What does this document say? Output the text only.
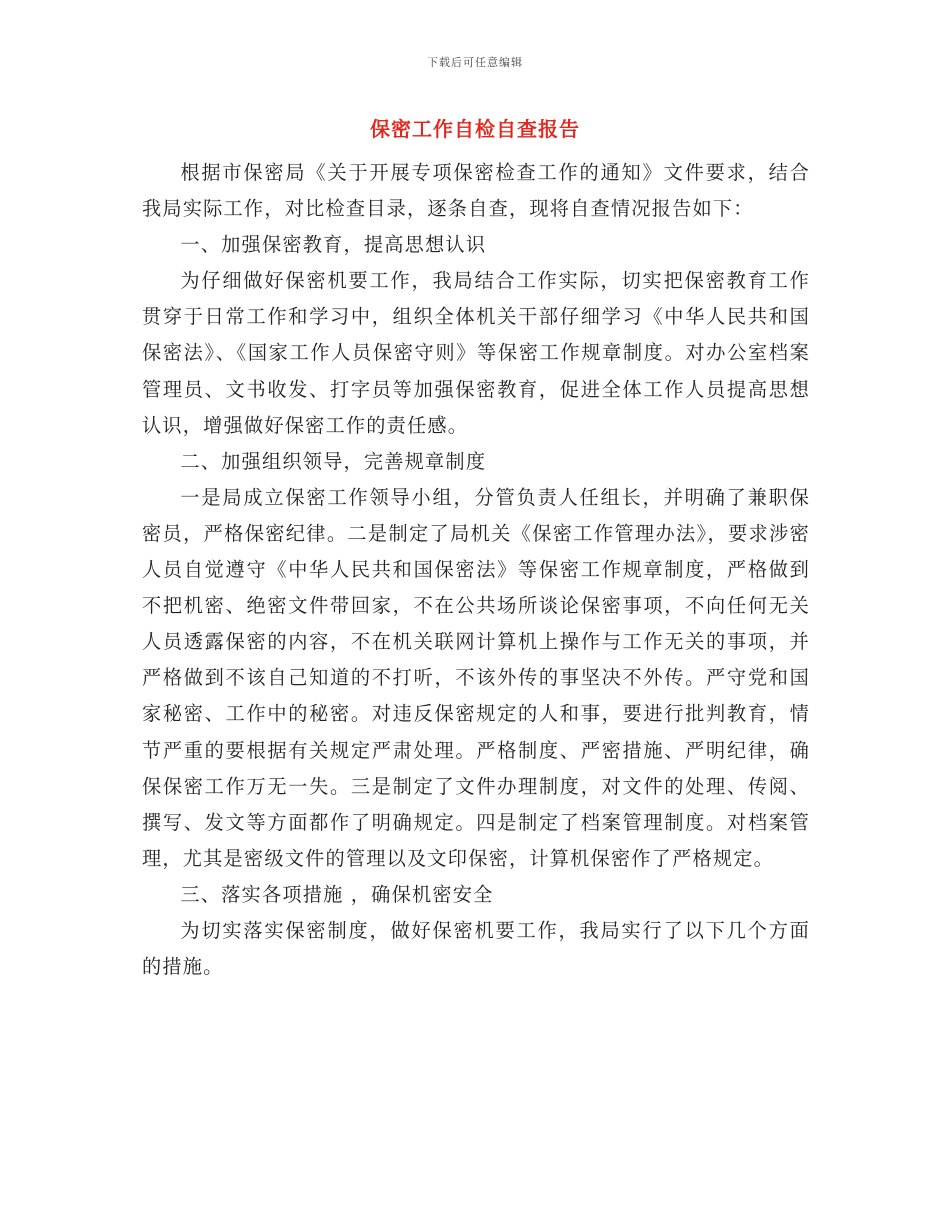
下载后可任意编辑
保密工作自检自查报告

根据市保密局《关于开展专项保密检查工作的通知》文件要求，结合我局实际工作，对比检查目录，逐条自查，现将自查情况报告如下：

一、加强保密教育，提高思想认识

为仔细做好保密机要工作，我局结合工作实际，切实把保密教育工作贯穿于日常工作和学习中，组织全体机关干部仔细学习《中华人民共和国保密法》、《国家工作人员保密守则》等保密工作规章制度。对办公室档案管理员、文书收发、打字员等加强保密教育，促进全体工作人员提高思想认识，增强做好保密工作的责任感。

二、加强组织领导，完善规章制度

一是局成立保密工作领导小组，分管负责人任组长，并明确了兼职保密员，严格保密纪律。二是制定了局机关《保密工作管理办法》，要求涉密人员自觉遵守《中华人民共和国保密法》等保密工作规章制度，严格做到不把机密、绝密文件带回家，不在公共场所谈论保密事项，不向任何无关人员透露保密的内容，不在机关联网计算机上操作与工作无关的事项，并严格做到不该自己知道的不打听，不该外传的事坚决不外传。严守党和国家秘密、工作中的秘密。对违反保密规定的人和事，要进行批判教育，情节严重的要根据有关规定严肃处理。严格制度、严密措施、严明纪律，确保保密工作万无一失。三是制定了文件办理制度，对文件的处理、传阅、撰写、发文等方面都作了明确规定。四是制定了档案管理制度。对档案管理，尤其是密级文件的管理以及文印保密，计算机保密作了严格规定。

三、落实各项措施 ，确保机密安全

为切实落实保密制度，做好保密机要工作，我局实行了以下几个方面的措施。
